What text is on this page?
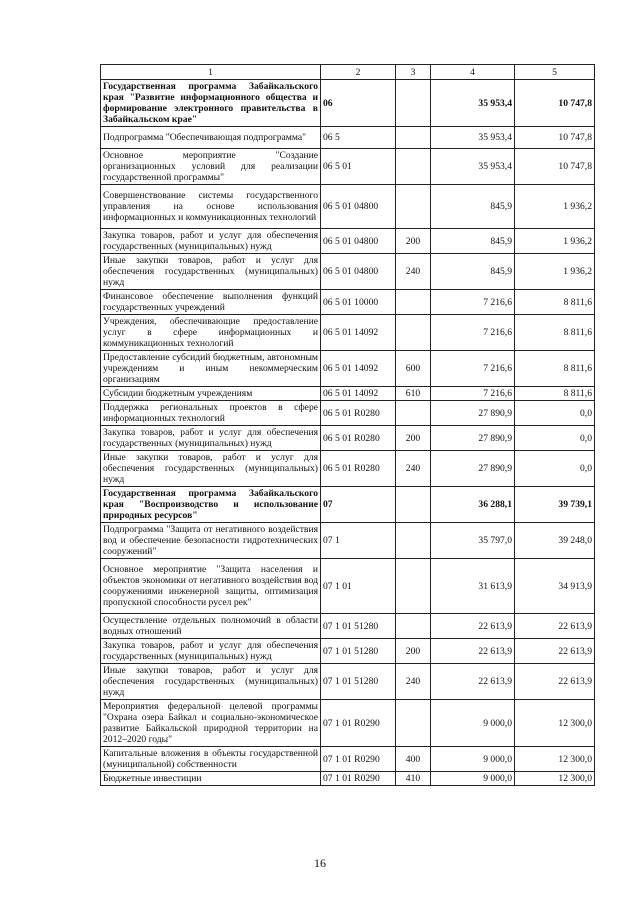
1	2	3	4	5
Государственная программа Забайкальского края "Развитие информационного общества и формирование электронного правительства в Забайкальском крае"	06		35 953,4	10 747,8
Подпрограмма "Обеспечивающая подпрограмма"	06 5		35 953,4	10 747,8
Основное мероприятие "Создание организационных условий для реализации государственной программы"	06 5 01		35 953,4	10 747,8
Совершенствование системы государственного управления на основе использования информационных и коммуникационных технологий	06 5 01 04800		845,9	1 936,2
Закупка товаров, работ и услуг для обеспечения государственных (муниципальных) нужд	06 5 01 04800	200	845,9	1 936,2
Иные закупки товаров, работ и услуг для обеспечения государственных (муниципальных) нужд	06 5 01 04800	240	845,9	1 936,2
Финансовое обеспечение выполнения функций государственных учреждений	06 5 01 10000		7 216,6	8 811,6
Учреждения, обеспечивающие предоставление услуг в сфере информационных и коммуникационных технологий	06 5 01 14092		7 216,6	8 811,6
Предоставление субсидий бюджетным, автономным учреждениям и иным некоммерческим организациям	06 5 01 14092	600	7 216,6	8 811,6
Субсидии бюджетным учреждениям	06 5 01 14092	610	7 216,6	8 811,6
Поддержка региональных проектов в сфере информационных технологий	06 5 01 R0280		27 890,9	0,0
Закупка товаров, работ и услуг для обеспечения государственных (муниципальных) нужд	06 5 01 R0280	200	27 890,9	0,0
Иные закупки товаров, работ и услуг для обеспечения государственных (муниципальных) нужд	06 5 01 R0280	240	27 890,9	0,0
Государственная программа Забайкальского края "Воспроизводство и использование природных ресурсов"	07		36 288,1	39 739,1
Подпрограмма "Защита от негативного воздействия вод и обеспечение безопасности гидротехнических сооружений"	07 1		35 797,0	39 248,0
Основное мероприятие "Защита населения и объектов экономики от негативного воздействия вод сооружениями инженерной защиты, оптимизация пропускной способности русел рек"	07 1 01		31 613,9	34 913,9
Осуществление отдельных полномочий в области водных отношений	07 1 01 51280		22 613,9	22 613,9
Закупка товаров, работ и услуг для обеспечения государственных (муниципальных) нужд	07 1 01 51280	200	22 613,9	22 613,9
Иные закупки товаров, работ и услуг для обеспечения государственных (муниципальных) нужд	07 1 01 51280	240	22 613,9	22 613,9
Мероприятия федеральной целевой программы "Охрана озера Байкал и социально-экономическое развитие Байкальской природной территории на 2012–2020 годы"	07 1 01 R0290		9 000,0	12 300,0
Капитальные вложения в объекты государственной (муниципальной) собственности	07 1 01 R0290	400	9 000,0	12 300,0
Бюджетные инвестиции	07 1 01 R0290	410	9 000,0	12 300,0
16
